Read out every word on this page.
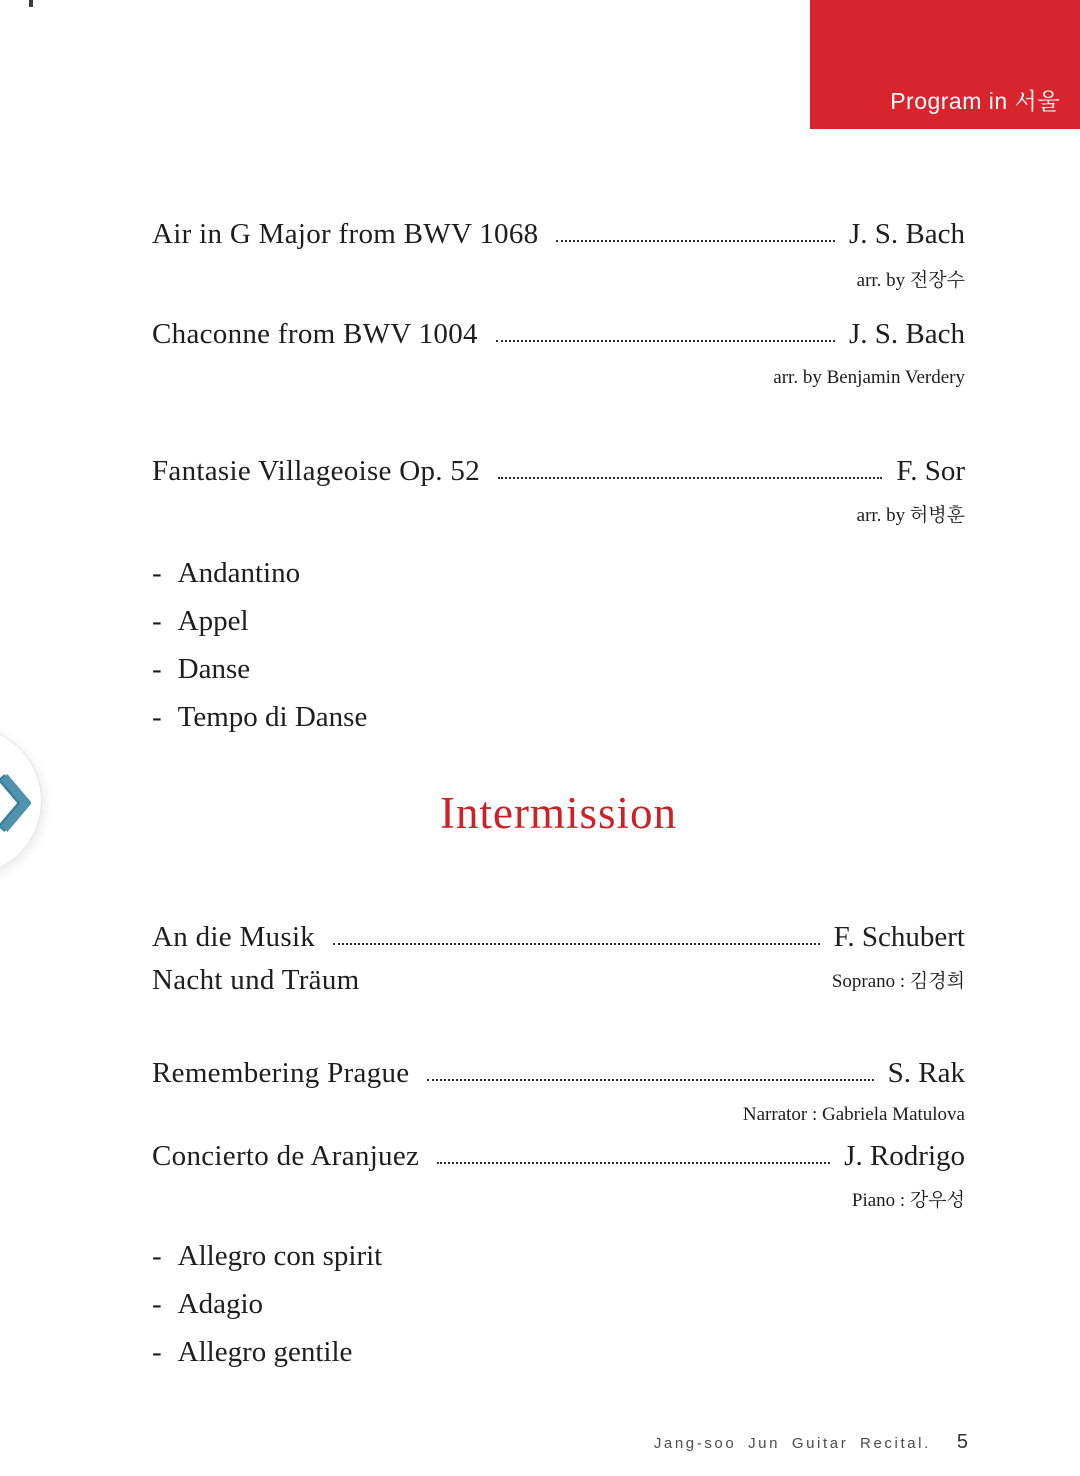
Program in 서울
Air in G Major from BWV 1068	J. S. Bach
arr. by 전장수
Chaconne from BWV 1004	J. S. Bach
arr. by Benjamin Verdery
Fantasie Villageoise Op. 52	F. Sor
arr. by 허병훈
- Andantino
- Appel
- Danse
- Tempo di Danse
Intermission
An die Musik	F. Schubert
Nacht und Träum	Soprano : 김경희
Remembering Prague	S. Rak
Narrator : Gabriela Matulova
Concierto de Aranjuez	J. Rodrigo
Piano : 강우성
- Allegro con spirit
- Adagio
- Allegro gentile
Jang-soo Jun Guitar Recital. 5
